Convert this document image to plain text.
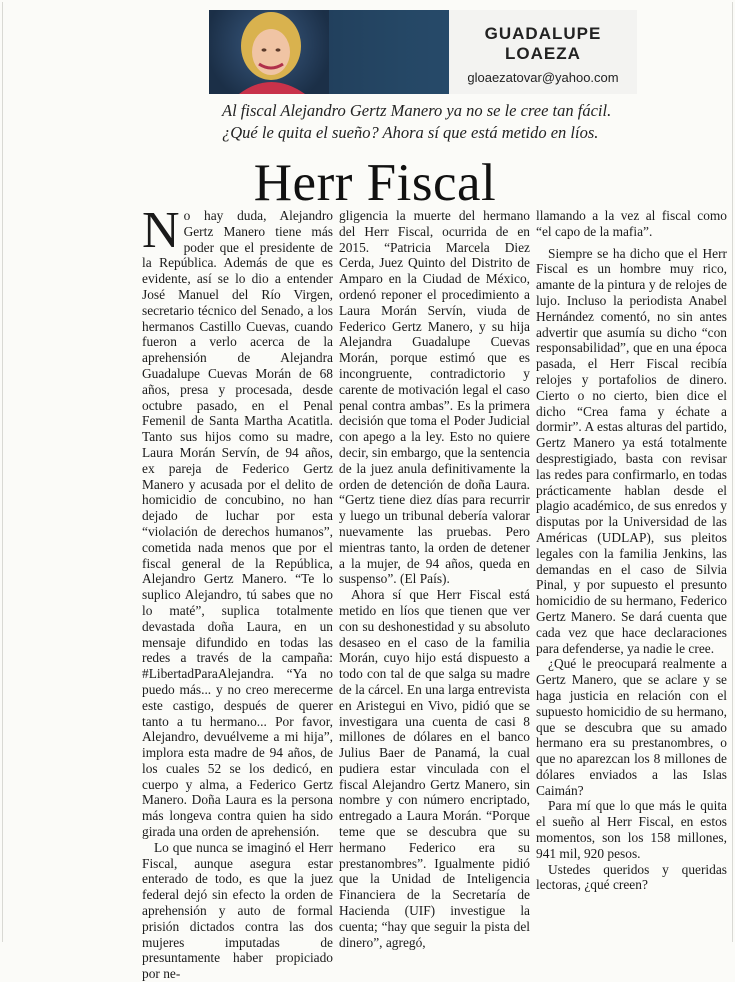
GUADALUPE
LOAEZA
gloaezatovar@yahoo.com
Al fiscal Alejandro Gertz Manero ya no se le cree tan fácil. ¿Qué le quita el sueño? Ahora sí que está metido en líos.
Herr Fiscal

No hay duda, Alejandro Gertz Manero tiene más poder que el presidente de la República. Además de que es evidente, así se lo dio a entender José Manuel del Río Virgen, secretario técnico del Senado, a los hermanos Castillo Cuevas, cuando fueron a verlo acerca de la aprehensión de Alejandra Guadalupe Cuevas Morán de 68 años, presa y procesada, desde octubre pasado, en el Penal Femenil de Santa Martha Acatitla. Tanto sus hijos como su madre, Laura Morán Servín, de 94 años, ex pareja de Federico Gertz Manero y acusada por el delito de homicidio de concubino, no han dejado de luchar por esta “violación de derechos humanos”, cometida nada menos que por el fiscal general de la República, Alejandro Gertz Manero. “Te lo suplico Alejandro, tú sabes que no lo maté”, suplica totalmente devastada doña Laura, en un mensaje difundido en todas las redes a través de la campaña: #LibertadParaAlejandra. “Ya no puedo más... y no creo merecerme este castigo, después de querer tanto a tu hermano... Por favor, Alejandro, devuélveme a mi hija”, implora esta madre de 94 años, de los cuales 52 se los dedicó, en cuerpo y alma, a Federico Gertz Manero. Doña Laura es la persona más longeva contra quien ha sido girada una orden de aprehensión.

Lo que nunca se imaginó el Herr Fiscal, aunque asegura estar enterado de todo, es que la juez federal dejó sin efecto la orden de aprehensión y auto de formal prisión dictados contra las dos mujeres imputadas de presuntamente haber propiciado por ne-

gligencia la muerte del hermano del Herr Fiscal, ocurrida de en 2015. “Patricia Marcela Diez Cerda, Juez Quinto del Distrito de Amparo en la Ciudad de México, ordenó reponer el procedimiento a Laura Morán Servín, viuda de Federico Gertz Manero, y su hija Alejandra Guadalupe Cuevas Morán, porque estimó que es incongruente, contradictorio y carente de motivación legal el caso penal contra ambas”. Es la primera decisión que toma el Poder Judicial con apego a la ley. Esto no quiere decir, sin embargo, que la sentencia de la juez anula definitivamente la orden de detención de doña Laura. “Gertz tiene diez días para recurrir y luego un tribunal debería valorar nuevamente las pruebas. Pero mientras tanto, la orden de detener a la mujer, de 94 años, queda en suspenso”. (El País).

Ahora sí que Herr Fiscal está metido en líos que tienen que ver con su deshonestidad y su absoluto desaseo en el caso de la familia Morán, cuyo hijo está dispuesto a todo con tal de que salga su madre de la cárcel. En una larga entrevista en Aristegui en Vivo, pidió que se investigara una cuenta de casi 8 millones de dólares en el banco Julius Baer de Panamá, la cual pudiera estar vinculada con el fiscal Alejandro Gertz Manero, sin nombre y con número encriptado, entregado a Laura Morán. “Porque teme que se descubra que su hermano Federico era su prestanombres”. Igualmente pidió que la Unidad de Inteligencia Financiera de la Secretaría de Hacienda (UIF) investigue la cuenta; “hay que seguir la pista del dinero”, agregó,

llamando a la vez al fiscal como “el capo de la mafia”.

Siempre se ha dicho que el Herr Fiscal es un hombre muy rico, amante de la pintura y de relojes de lujo. Incluso la periodista Anabel Hernández comentó, no sin antes advertir que asumía su dicho “con responsabilidad”, que en una época pasada, el Herr Fiscal recibía relojes y portafolios de dinero. Cierto o no cierto, bien dice el dicho “Crea fama y échate a dormir”. A estas alturas del partido, Gertz Manero ya está totalmente desprestigiado, basta con revisar las redes para confirmarlo, en todas prácticamente hablan desde el plagio académico, de sus enredos y disputas por la Universidad de las Américas (UDLAP), sus pleitos legales con la familia Jenkins, las demandas en el caso de Silvia Pinal, y por supuesto el presunto homicidio de su hermano, Federico Gertz Manero. Se dará cuenta que cada vez que hace declaraciones para defenderse, ya nadie le cree.

¿Qué le preocupará realmente a Gertz Manero, que se aclare y se haga justicia en relación con el supuesto homicidio de su hermano, que se descubra que su amado hermano era su prestanombres, o que no aparezcan los 8 millones de dólares enviados a las Islas Caimán?

Para mí que lo que más le quita el sueño al Herr Fiscal, en estos momentos, son los 158 millones, 941 mil, 920 pesos.

Ustedes queridos y queridas lectoras, ¿qué creen?
